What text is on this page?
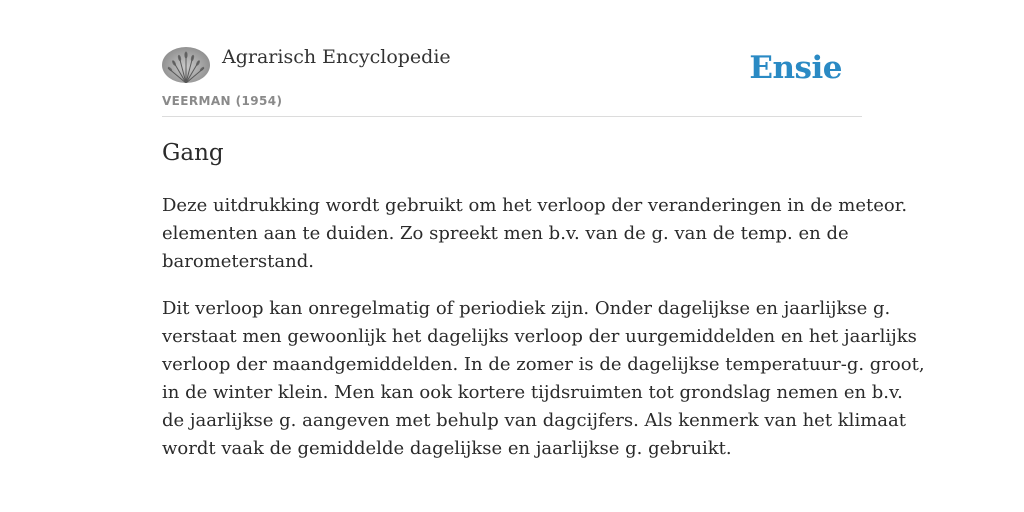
Agrarisch Encyclopedie
VEERMAN (1954)
Ensie
Gang

Deze uitdrukking wordt gebruikt om het verloop der veranderingen in de meteor.
elementen aan te duiden. Zo spreekt men b.v. van de g. van de temp. en de
barometerstand.

Dit verloop kan onregelmatig of periodiek zijn. Onder dagelijkse en jaarlijkse g.
verstaat men gewoonlijk het dagelijks verloop der uurgemiddelden en het jaarlijks
verloop der maandgemiddelden. In de zomer is de dagelijkse temperatuur-g. groot,
in de winter klein. Men kan ook kortere tijdsruimten tot grondslag nemen en b.v.
de jaarlijkse g. aangeven met behulp van dagcijfers. Als kenmerk van het klimaat
wordt vaak de gemiddelde dagelijkse en jaarlijkse g. gebruikt.
